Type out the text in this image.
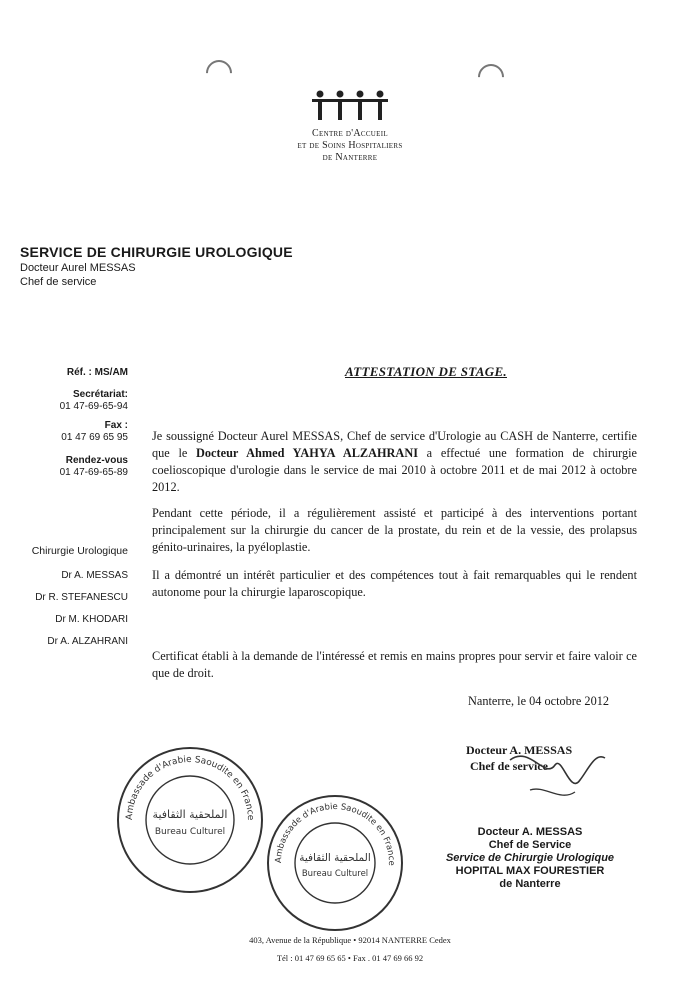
Centre d'Accueil
et de Soins Hospitaliers
de Nanterre
SERVICE DE CHIRURGIE UROLOGIQUE
Docteur Aurel MESSAS
Chef de service
Réf. : MS/AM
Secrétariat:
01 47-69-65-94
Fax :
01 47 69 65 95
Rendez-vous
01 47-69-65-89
Chirurgie Urologique
Dr A. MESSAS
Dr R. STEFANESCU
Dr M. KHODARI
Dr A. ALZAHRANI
ATTESTATION DE STAGE.
Je soussigné Docteur Aurel MESSAS, Chef de service d'Urologie au CASH de Nanterre, certifie que le Docteur Ahmed YAHYA ALZAHRANI a effectué une formation de chirurgie coelioscopique d'urologie dans le service de mai 2010 à octobre 2011 et de mai 2012 à octobre 2012.
Pendant cette période, il a régulièrement assisté et participé à des interventions portant principalement sur la chirurgie du cancer de la prostate, du rein et de la vessie, des prolapsus génito-urinaires, la pyéloplastie.
Il a démontré un intérêt particulier et des compétences tout à fait remarquables qui le rendent autonome pour la chirurgie laparoscopique.
Certificat établi à la demande de l'intéressé et remis en mains propres pour servir et faire valoir ce que de droit.
Nanterre, le 04 octobre 2012
Docteur A. MESSAS
Chef de service
Docteur A. MESSAS
Chef de Service
Service de Chirurgie Urologique
HOPITAL MAX FOURESTIER
de Nanterre
Ambassade d'Arabie Saoudite en France
الملحقية الثقافية
Bureau Culturel
Ambassade d'Arabie Saoudite en France
الملحقية الثقافية
Bureau Culturel
403, Avenue de la République • 92014 NANTERRE Cedex
Tél : 01 47 69 65 65 • Fax . 01 47 69 66 92
